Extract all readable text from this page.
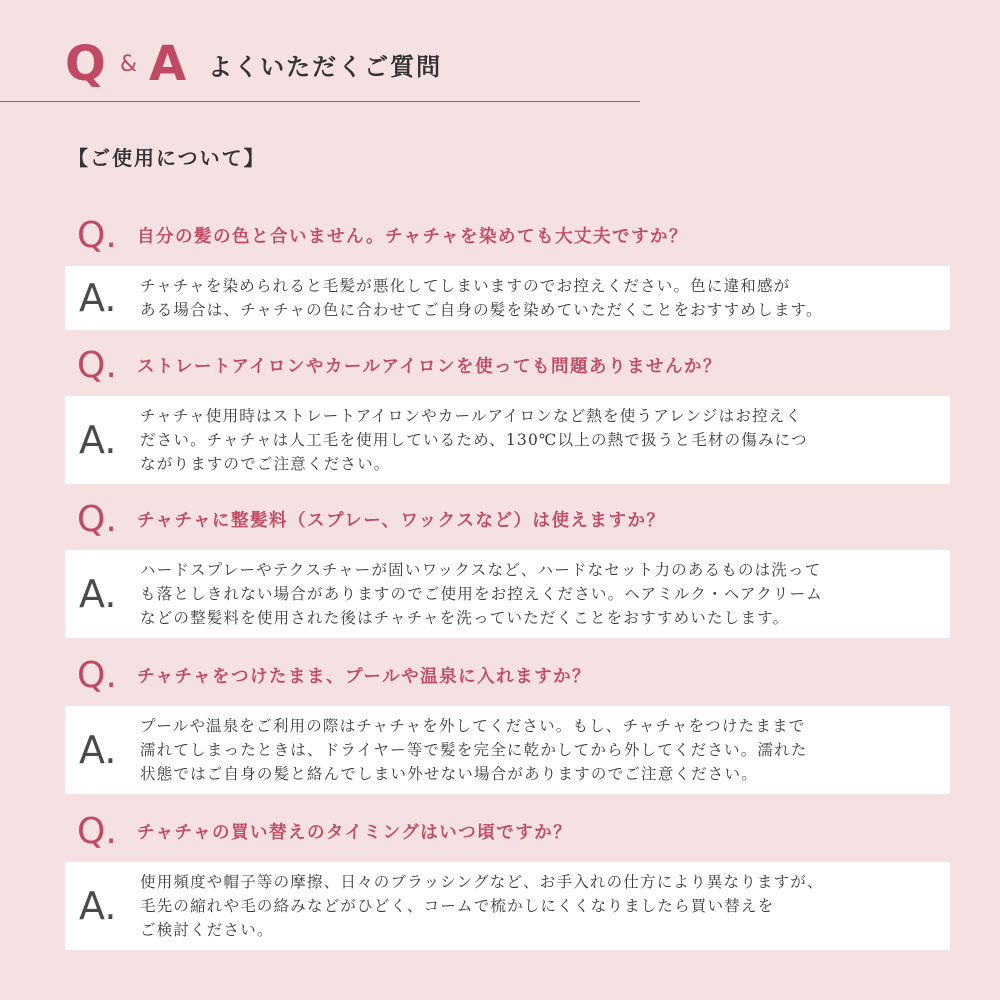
Q & A よくいただくご質問
【ご使用について】
Q.	自分の髪の色と合いません。チャチャを染めても大丈夫ですか？
A.	チャチャを染められると毛髪が悪化してしまいますのでお控えください。色に違和感が
ある場合は、チャチャの色に合わせてご自身の髪を染めていただくことをおすすめします。
Q.	ストレートアイロンやカールアイロンを使っても問題ありませんか？
A.
チャチャ使用時はストレートアイロンやカールアイロンなど熱を使うアレンジはお控えく
ださい。チャチャは人工毛を使用しているため、130℃以上の熱で扱うと毛材の傷みにつ
ながりますのでご注意ください。
Q.	チャチャに整髪料（スプレー、ワックスなど）は使えますか？
A.
ハードスプレーやテクスチャーが固いワックスなど、ハードなセット力のあるものは洗って
も落としきれない場合がありますのでご使用をお控えください。ヘアミルク・ヘアクリーム
などの整髪料を使用された後はチャチャを洗っていただくことをおすすめいたします。
Q.	チャチャをつけたまま、プールや温泉に入れますか？
A.
プールや温泉をご利用の際はチャチャを外してください。もし、チャチャをつけたままで
濡れてしまったときは、ドライヤー等で髪を完全に乾かしてから外してください。濡れた
状態ではご自身の髪と絡んでしまい外せない場合がありますのでご注意ください。
Q.	チャチャの買い替えのタイミングはいつ頃ですか？
A.
使用頻度や帽子等の摩擦、日々のブラッシングなど、お手入れの仕方により異なりますが、
毛先の縮れや毛の絡みなどがひどく、コームで梳かしにくくなりましたら買い替えを
ご検討ください。
